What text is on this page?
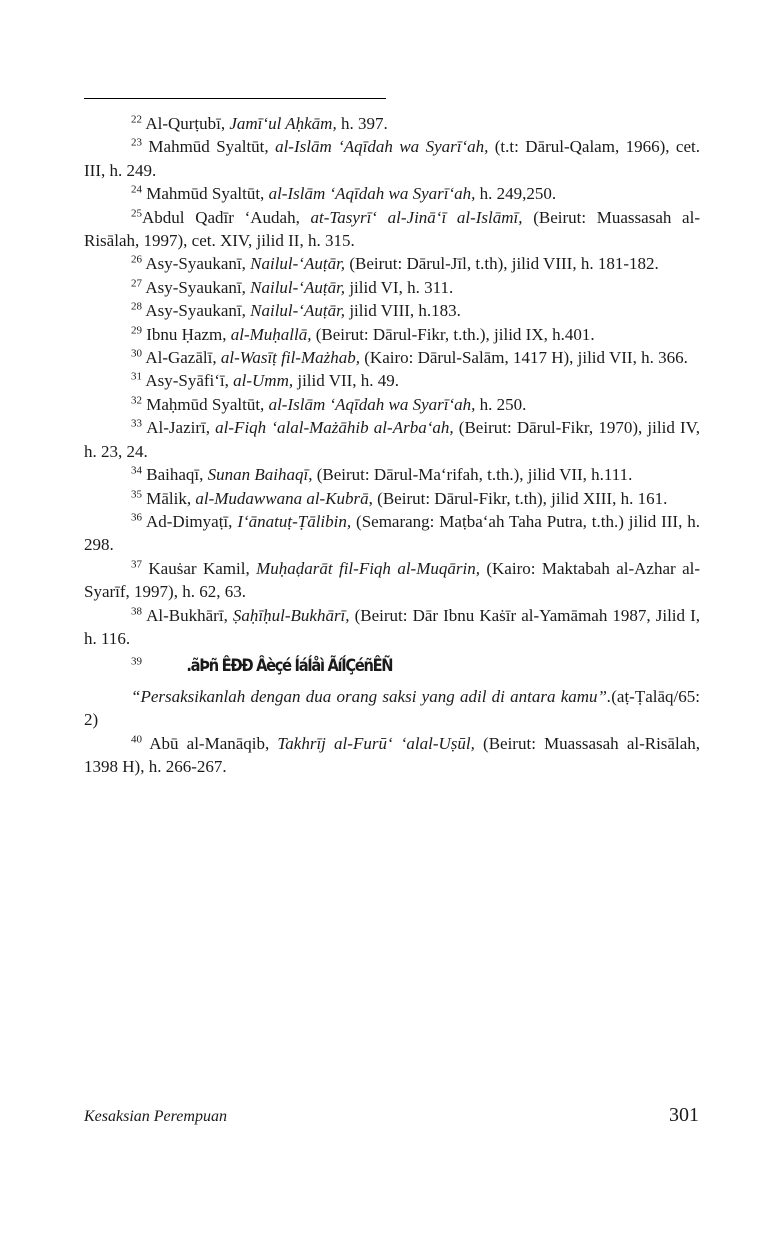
$^{22}$ Al-Qurṭubī, Jamī‘ul Aḥkām, h. 397.

$^{23}$ Mahmūd Syaltūt, al-Islām ‘Aqīdah wa Syarī‘ah, (t.t: Dārul-Qalam, 1966), cet. III, h. 249.

$^{24}$ Mahmūd Syaltūt, al-Islām ‘Aqīdah wa Syarī‘ah, h. 249,250.

$^{25}$Abdul Qadīr ‘Audah, at-Tasyrī‘ al-Jinā‘ī al-Islāmī, (Beirut: Muassasah al-Risālah, 1997), cet. XIV, jilid II, h. 315.

$^{26}$ Asy-Syaukanī, Nailul-‘Auṭār, (Beirut: Dārul-Jīl, t.th), jilid VIII, h. 181-182.

$^{27}$ Asy-Syaukanī, Nailul-‘Auṭār, jilid VI, h. 311.

$^{28}$ Asy-Syaukanī, Nailul-‘Auṭār, jilid VIII, h.183.

$^{29}$ Ibnu Ḥazm, al-Muḥallā, (Beirut: Dārul-Fikr, t.th.), jilid IX, h.401.

$^{30}$ Al-Gazālī, al-Wasīṭ fil-Mażhab, (Kairo: Dārul-Salām, 1417 H), jilid VII, h. 366.

$^{31}$ Asy-Syāfi‘ī, al-Umm, jilid VII, h. 49.

$^{32}$ Maḥmūd Syaltūt, al-Islām ‘Aqīdah wa Syarī‘ah, h. 250.

$^{33}$ Al-Jazirī, al-Fiqh ‘alal-Mażāhib al-Arba‘ah, (Beirut: Dārul-Fikr, 1970), jilid IV, h. 23, 24.

$^{34}$ Baihaqī, Sunan Baihaqī, (Beirut: Dārul-Ma‘rifah, t.th.), jilid VII, h.111.

$^{35}$ Mālik, al-Mudawwana al-Kubrā, (Beirut: Dārul-Fikr, t.th), jilid XIII, h. 161.

$^{36}$ Ad-Dimyaṭī, I‘ānatuṭ-Ṭālibin, (Semarang: Maṭba‘ah Taha Putra, t.th.) jilid III, h. 298.

$^{37}$ Kauṡar Kamil, Muḥaḍarāt fil-Fiqh al-Muqārin, (Kairo: Maktabah al-Azhar al-Syarīf, 1997), h. 62, 63.

$^{38}$ Al-Bukhārī, Ṣaḥīḥul-Bukhārī, (Beirut: Dār Ibnu Kaṡīr al-Yamāmah 1987, Jilid I, h. 116.

$^{39}$	.ãÞñ ÊÐÐ Âèçé ÍáÍåì ÃíÍÇéñÊÑ

“Persaksikanlah dengan dua orang saksi yang adil di antara kamu”.(aṭ-Ṭalāq/65: 2)

$^{40}$ Abū al-Manāqib, Takhrīj al-Furū‘ ‘alal-Uṣūl, (Beirut: Muassasah al-Risālah, 1398 H), h. 266-267.

Kesaksian Perempuan	301
